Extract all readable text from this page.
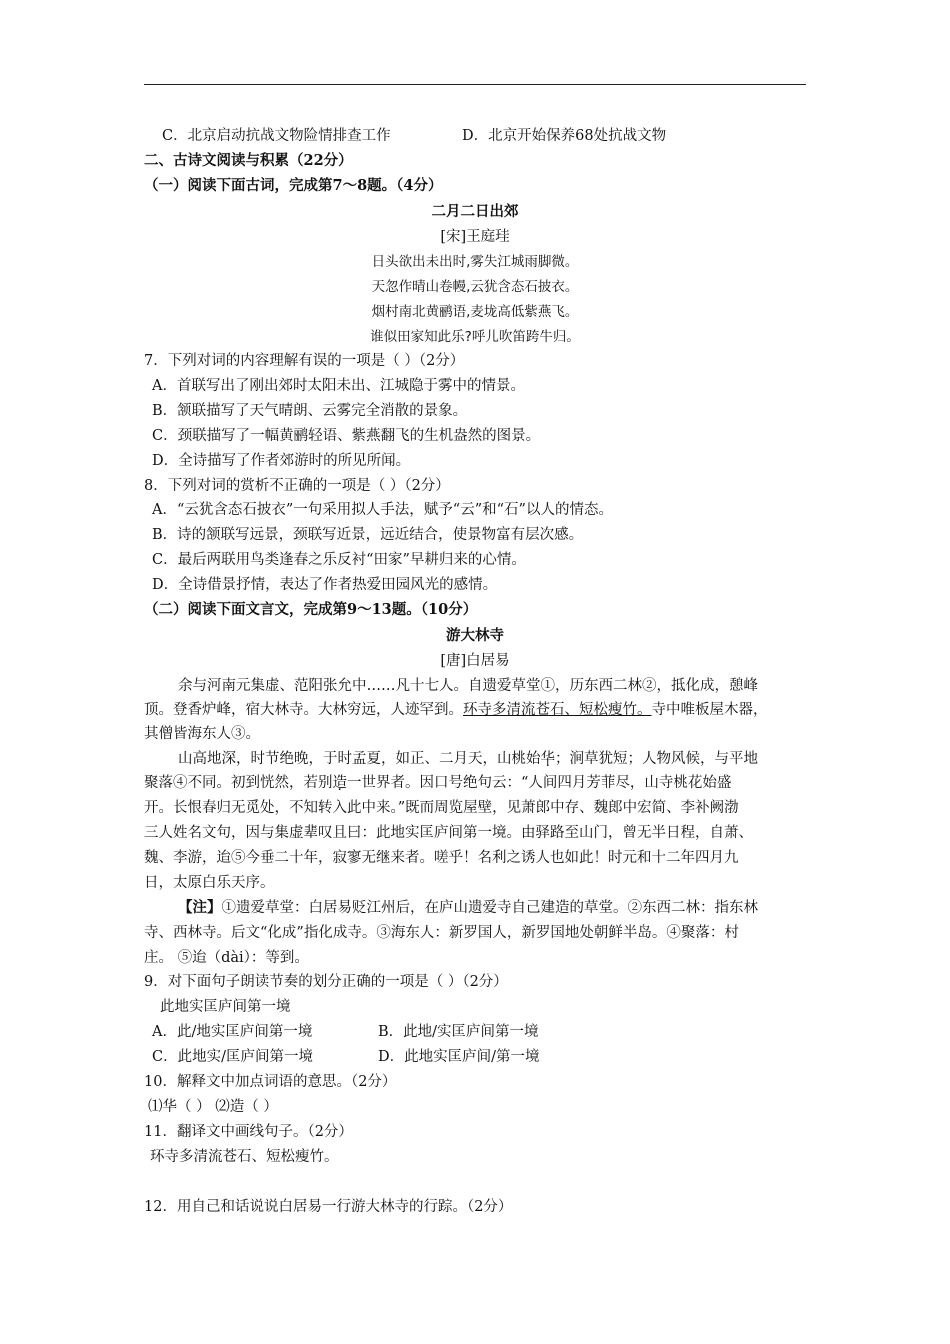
C．北京启动抗战文物险情排查工作	D．北京开始保养68处抗战文物
二、古诗文阅读与积累（22分）
（一）阅读下面古词，完成第7～8题。（4分）
二月二日出郊
[宋]王庭珪
日头欲出未出时,雾失江城雨脚微。
天忽作晴山卷幔,云犹含态石披衣。
烟村南北黄鹂语,麦垅高低紫燕飞。
谁似田家知此乐?呼儿吹笛跨牛归。
7．下列对词的内容理解有误的一项是（ ）（2分）
A．首联写出了刚出郊时太阳未出、江城隐于雾中的情景。
B．颔联描写了天气晴朗、云雾完全消散的景象。
C．颈联描写了一幅黄鹂轻语、紫燕翻飞的生机盎然的图景。
D．全诗描写了作者郊游时的所见所闻。
8．下列对词的赏析不正确的一项是（ ）（2分）
A．“云犹含态石披衣”一句采用拟人手法，赋予“云”和“石”以人的情态。
B．诗的颔联写远景，颈联写近景，远近结合，使景物富有层次感。
C．最后两联用鸟类逢春之乐反衬“田家”早耕归来的心情。
D．全诗借景抒情，表达了作者热爱田园风光的感情。
（二）阅读下面文言文，完成第9～13题。（10分）
游大林寺
[唐]白居易
余与河南元集虚、范阳张允中……凡十七人。自遗爱草堂①，历东西二林②，抵化成，憩峰
顶。登香炉峰，宿大林寺。大林穷远，人迹罕到。环寺多清流苍石、短松瘦竹。寺中唯板屋木器，
其僧皆海东人③。
山高地深，时节绝晚，于时孟夏，如正、二月天，山桃始华；涧草犹短；人物风候，与平地
聚落④不同。初到恍然，若别造一世界者。因口号绝句云：“人间四月芳菲尽，山寺桃花始盛
开。长恨春归无觅处，不知转入此中来。”既而周览屋壁，见萧郎中存、魏郎中宏简、李补阙渤
三人姓名文句，因与集虚辈叹且曰：此地实匡庐间第一境。由驿路至山门，曾无半日程，自萧、
魏、李游，迨⑤今垂二十年，寂寥无继来者。嗟乎！名利之诱人也如此！时元和十二年四月九
日，太原白乐天序。
【注】①遗爱草堂：白居易贬江州后，在庐山遗爱寺自己建造的草堂。②东西二林：指东林
寺、西林寺。后文“化成”指化成寺。③海东人：新罗国人，新罗国地处朝鲜半岛。④聚落：村
庄。 ⑤迨（dài）：等到。
9．对下面句子朗读节奏的划分正确的一项是（ ）（2分）
此地实匡庐间第一境
A．此/地实匡庐间第一境	B．此地/实匡庐间第一境
C．此地实/匡庐间第一境	D．此地实匡庐间/第一境
10．解释文中加点词语的意思。（2分）
⑴华（ ） ⑵造（ ）
11．翻译文中画线句子。（2分）
环寺多清流苍石、短松瘦竹。
12．用自己和话说说白居易一行游大林寺的行踪。（2分）
